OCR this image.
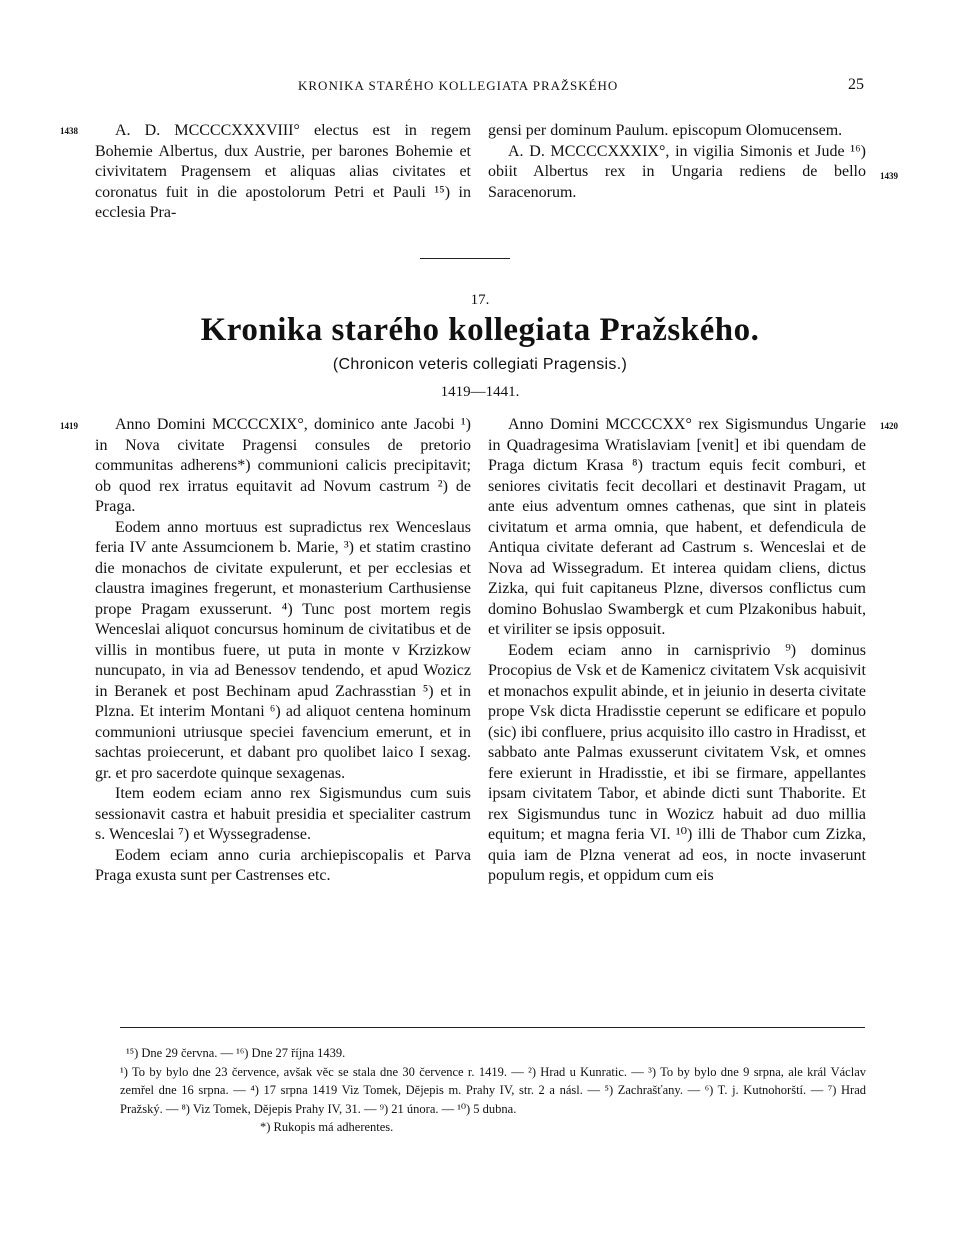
KRONIKA STARÉHO KOLLEGIATA PRAŽSKÉHO	25
1438
1439
1419	1420

A. D. MCCCCXXXVIII° electus est in regem Bohemie Albertus, dux Austrie, per barones Bohemie et civivitatem Pragensem et aliquas alias civitates et coronatus fuit in die apostolorum Petri et Pauli ¹⁵) in ecclesia Pra-

gensi per dominum Paulum. episcopum Olomucensem.

A. D. MCCCCXXXIX°, in vigilia Simonis et Jude ¹⁶) obiit Albertus rex in Ungaria rediens de bello Saracenorum.

17.
Kronika starého kollegiata Pražského.
(Chronicon veteris collegiati Pragensis.)
1419—1441.

Anno Domini MCCCCXIX°, dominico ante Jacobi ¹) in Nova civitate Pragensi consules de pretorio communitas adherens*) communioni calicis precipitavit; ob quod rex irratus equitavit ad Novum castrum ²) de Praga.

Eodem anno mortuus est supradictus rex Wenceslaus feria IV ante Assumcionem b. Marie, ³) et statim crastino die monachos de civitate expulerunt, et per ecclesias et claustra imagines fregerunt, et monasterium Carthusiense prope Pragam exusserunt. ⁴) Tunc post mortem regis Wenceslai aliquot concursus hominum de civitatibus et de villis in montibus fuere, ut puta in monte v Krzizkow nuncupato, in via ad Benessov tendendo, et apud Wozicz in Beranek et post Bechinam apud Zachrasstian ⁵) et in Plzna. Et interim Montani ⁶) ad aliquot centena hominum communioni utriusque speciei favencium emerunt, et in sachtas proiecerunt, et dabant pro quolibet laico I sexag. gr. et pro sacerdote quinque sexagenas.

Item eodem eciam anno rex Sigismundus cum suis sessionavit castra et habuit presidia et specialiter castrum s. Wenceslai ⁷) et Wyssegradense.

Eodem eciam anno curia archiepiscopalis et Parva Praga exusta sunt per Castrenses etc.

Anno Domini MCCCCXX° rex Sigismundus Ungarie in Quadragesima Wratislaviam [venit] et ibi quendam de Praga dictum Krasa ⁸) tractum equis fecit comburi, et seniores civitatis fecit decollari et destinavit Pragam, ut ante eius adventum omnes cathenas, que sint in plateis civitatum et arma omnia, que habent, et defendicula de Antiqua civitate deferant ad Castrum s. Wenceslai et de Nova ad Wissegradum. Et interea quidam cliens, dictus Zizka, qui fuit capitaneus Plzne, diversos conflictus cum domino Bohuslao Swambergk et cum Plzakonibus habuit, et viriliter se ipsis opposuit.

Eodem eciam anno in carnisprivio ⁹) dominus Procopius de Vsk et de Kamenicz civitatem Vsk acquisivit et monachos expulit abinde, et in jeiunio in deserta civitate prope Vsk dicta Hradisstie ceperunt se edificare et populo (sic) ibi confluere, prius acquisito illo castro in Hradisst, et sabbato ante Palmas exusserunt civitatem Vsk, et omnes fere exierunt in Hradisstie, et ibi se firmare, appellantes ipsam civitatem Tabor, et abinde dicti sunt Thaborite. Et rex Sigismundus tunc in Wozicz habuit ad duo millia equitum; et magna feria VI. ¹⁰) illi de Thabor cum Zizka, quia iam de Plzna venerat ad eos, in nocte invaserunt populum regis, et oppidum cum eis

¹⁵) Dne 29 června. — ¹⁶) Dne 27 října 1439.

¹) To by bylo dne 23 července, avšak věc se stala dne 30 července r. 1419. — ²) Hrad u Kunratic. — ³) To by bylo dne 9 srpna, ale král Václav zemřel dne 16 srpna. — ⁴) 17 srpna 1419 Viz Tomek, Dějepis m. Prahy IV, str. 2 a násl. — ⁵) Zachrašťany. — ⁶) T. j. Kutnohorští. — ⁷) Hrad Pražský. — ⁸) Viz Tomek, Dějepis Prahy IV, 31. — ⁹) 21 února. — ¹⁰) 5 dubna.

*) Rukopis má adherentes.
